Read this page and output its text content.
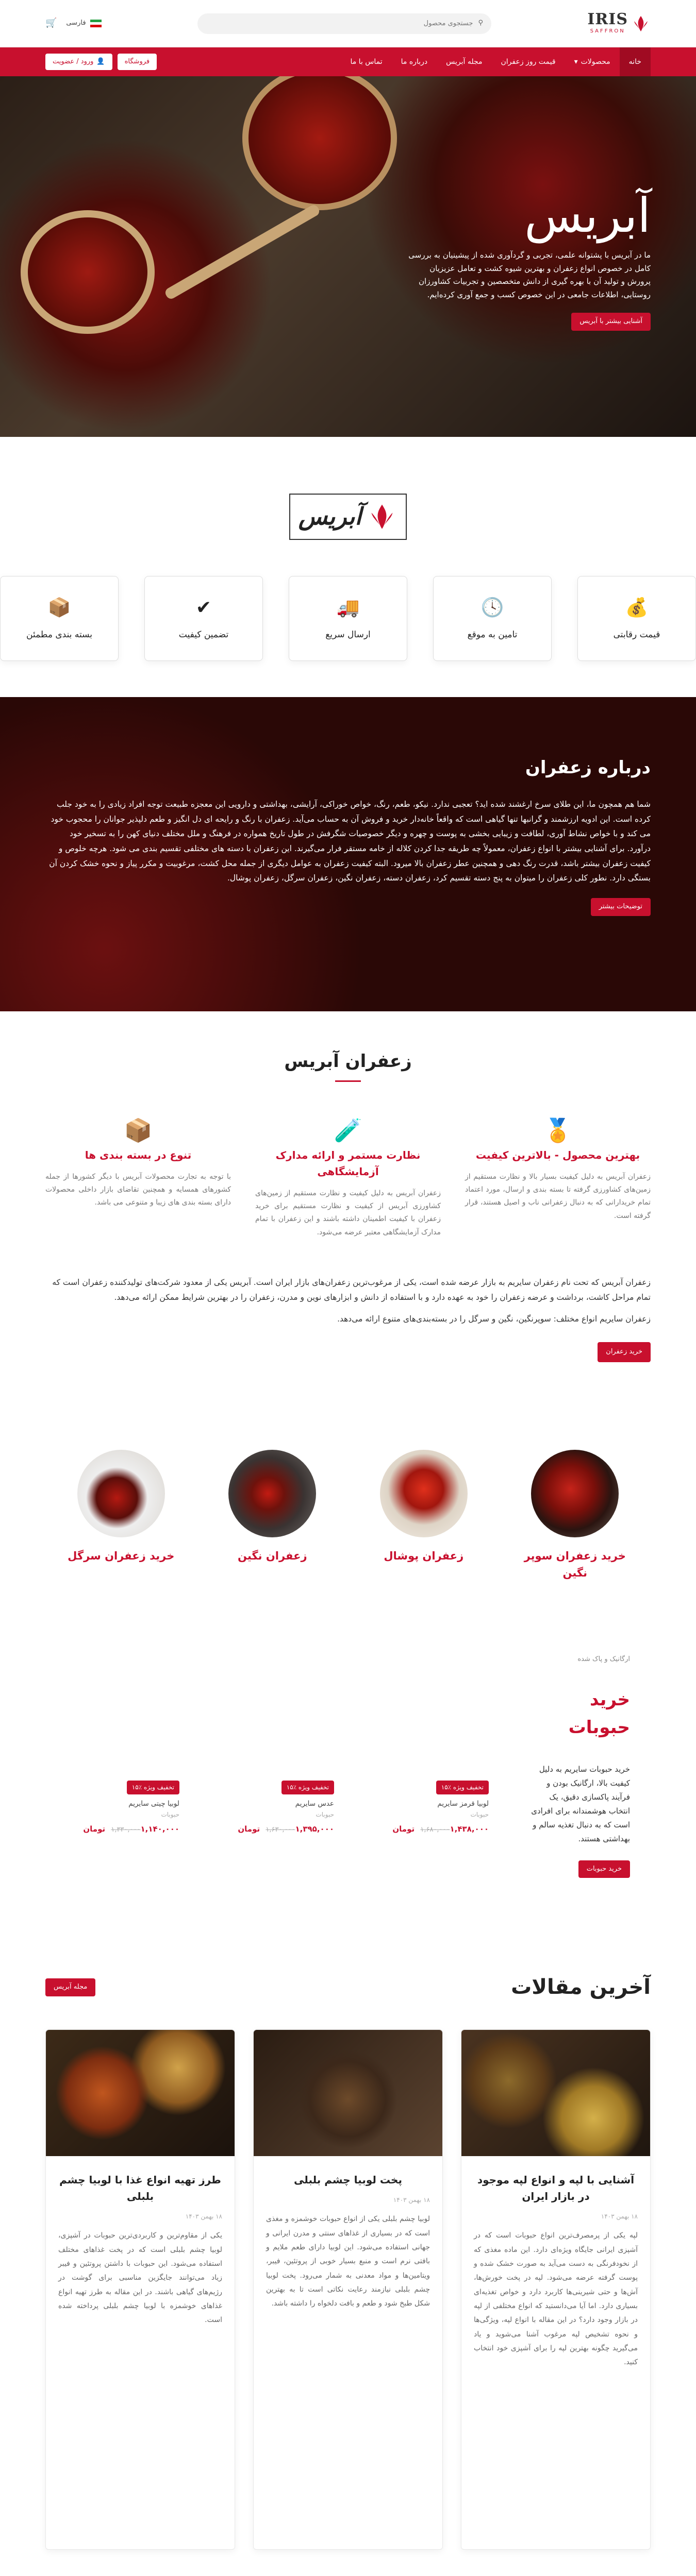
IRIS
SAFFRON
⚲
جستجوی محصول
فارسی
🛒
خانه
محصولات
▾
قیمت روز زعفران
مجله آبریس
درباره ما
تماس با ما
فروشگاه
👤
ورود / عضویت
آبریس

ما در آبریس با پشتوانه علمی، تجربی و گردآوری شده از پیشینیان به بررسی کامل در خصوص انواع زعفران و بهترین شیوه کشت و تعامل عزیزیان پرورش و تولید آن با بهره گیری از دانش متخصصین و تجربیات کشاورزان روستایی، اطلاعات جامعی در این خصوص کسب و جمع آوری کرده‌ایم.

آشنایی بیشتر با آبریس
آبریس
💰
قیمت رقابتی
🕓
تامین به موقع
🚚
ارسال سریع
✔
تضمین کیفیت
📦
بسته بندی مطمئن
درباره زعفران

شما هم همچون ما، این طلای سرخ ارغشند شده اید؟ تعجبی ندارد. نیکو، طعم، رنگ، خواص خوراکی، آرایشی، بهداشتی و دارویی این معجزه طبیعت توجه افراد زیادی را به خود جلب کرده است. این ادویه ارزشمند و گرانبها تنها گیاهی است که واقعاً خانه‌دار خرید و فروش آن به حساب می‌آید. زعفران با رنگ و رایحه ای دل انگیز و طعم دلپذیر جوانان را محجوب خود می کند و با خواص نشاط آوری، لطافت و زیبایی بخشی به پوست و چهره و دیگر خصوصیات شگرفش در طول تاریخ همواره در فرهنگ و ملل مختلف دنیای کهن را به تسخیر خود درآورد. برای آشنایی بیشتر با انواع زعفران، معمولاً چه طریقه جدا کردن کلاله از خامه مستقر فرار می‌گیرند. این زعفران با دسته های مختلفی تقسیم بندی می شود. هرچه خلوص و کیفیت زعفران بیشتر باشد، قدرت رنگ دهی و همچنین عطر زعفران بالا میرود. البته کیفیت زعفران به عوامل دیگری از جمله محل کشت، مرغوبیت و مکرر پیاز و نحوه خشک کردن آن بستگی دارد. نطور کلی زعفران را میتوان به پنج دسته تقسیم کرد، زعفران دسته، زعفران نگین، زعفران سرگل، زعفران پوشال.

توضیحات بیشتر
زعفران آبریس
🏅
بهترین محصول - بالاترین کیفیت

زعفران آبریس به دلیل کیفیت بسیار بالا و نظارت مستقیم از زمین‌های کشاورزی گرفته تا بسته بندی و ارسال، مورد اعتماد تمام خریدارانی که به دنبال زعفرانی ناب و اصیل هستند، قرار گرفته است.

🧪
نظارت مستمر و ارائه مدارک آزمایشگاهی

زعفران آبریس به دلیل کیفیت و نظارت مستقیم از زمین‌های کشاورزی آبریس از کیفیت و نظارت مستقیم برای خرید زعفران با کیفیت اطمینان داشته باشند و این زعفران با تمام مدارک آزمایشگاهی معتبر عرضه می‌شود.

📦
تنوع در بسته بندی ها

با توجه به تجارت محصولات آبریس با دیگر کشورها از جمله کشورهای همسایه و همچنین تقاضای بازار داخلی محصولات دارای بسته بندی های زیبا و متنوعی می باشد.

زعفران آبریس که تحت نام زعفران سایریم به بازار عرضه شده است، یکی از مرغوب‌ترین زعفران‌های بازار ایران است. آبریس یکی از معدود شرکت‌های تولیدکننده زعفران است که تمام مراحل کاشت، برداشت و عرضه زعفران را خود به عهده دارد و با استفاده از دانش و ابزارهای نوین و مدرن، زعفران را در بهترین شرایط ممکن ارائه می‌دهد.

زعفران سایریم انواع مختلف: سوپرنگین، نگین و سرگل را در بسته‌بندی‌های متنوع ارائه می‌دهد.

خرید زعفران
خرید زعفران سوپر نگین
زعفران پوشال
زعفران نگین
خرید زعفران سرگل
ارگانیک و پاک شده
خرید حبوبات

خرید حبوبات سایریم به دلیل کیفیت بالا، ارگانیک بودن و فرآیند پاکسازی دقیق، یک انتخاب هوشمندانه برای افرادی است که به دنبال تغذیه سالم و بهداشتی هستند.

خرید حبوبات
تخفیف ویژه ٪۱۵
لوبیا قرمز سایریم
حبوبات
۱,۶۸۰,۰۰۰۱,۴۳۸,۰۰۰ تومان
تخفیف ویژه ٪۱۵
عدس سایریم
حبوبات
۱,۶۳۰,۰۰۰۱,۳۹۵,۰۰۰ تومان
تخفیف ویژه ٪۱۵
لوبیا چیتی سایریم
حبوبات
۱,۳۳۰,۰۰۰۱,۱۴۰,۰۰۰ تومان
آخرین مقالات
مجله آبریس
آشنایی با لپه و انواع لپه موجود در بازار ایران
۱۸ بهمن ۱۴۰۳

لپه یکی از پرمصرف‌ترین انواع حبوبات است که در آشپزی ایرانی جایگاه ویژه‌ای دارد. این ماده مغذی که از نخودفرنگی به دست می‌آید به صورت خشک شده و پوست گرفته عرضه می‌شود. لپه در پخت خورش‌ها، آش‌ها و حتی شیرینی‌ها کاربرد دارد و خواص تغذیه‌ای بسیاری دارد. اما آیا می‌دانستید که انواع مختلفی از لپه در بازار وجود دارد؟ در این مقاله با انواع لپه، ویژگی‌ها و نحوه تشخیص لپه مرغوب آشنا می‌شوید و یاد می‌گیرید چگونه بهترین لپه را برای آشپزی خود انتخاب کنید.

پخت لوبیا چشم بلبلی
۱۸ بهمن ۱۴۰۳

لوبیا چشم بلبلی یکی از انواع حبوبات خوشمزه و مغذی است که در بسیاری از غذاهای سنتی و مدرن ایرانی و جهانی استفاده می‌شود. این لوبیا دارای طعم ملایم و بافتی نرم است و منبع بسیار خوبی از پروتئین، فیبر، ویتامین‌ها و مواد معدنی به شمار می‌رود. پخت لوبیا چشم بلبلی نیازمند رعایت نکاتی است تا به بهترین شکل طبخ شود و طعم و بافت دلخواه را داشته باشد.

طرز تهیه انواع غذا با لوبیا چشم بلبلی
۱۸ بهمن ۱۴۰۳

یکی از مقاوم‌ترین و کاربردی‌ترین حبوبات در آشپزی، لوبیا چشم بلبلی است که در پخت غذاهای مختلف استفاده می‌شود. این حبوبات با داشتن پروتئین و فیبر زیاد می‌توانند جایگزین مناسبی برای گوشت در رژیم‌های گیاهی باشند. در این مقاله به طرز تهیه انواع غذاهای خوشمزه با لوبیا چشم بلبلی پرداخته شده است.
